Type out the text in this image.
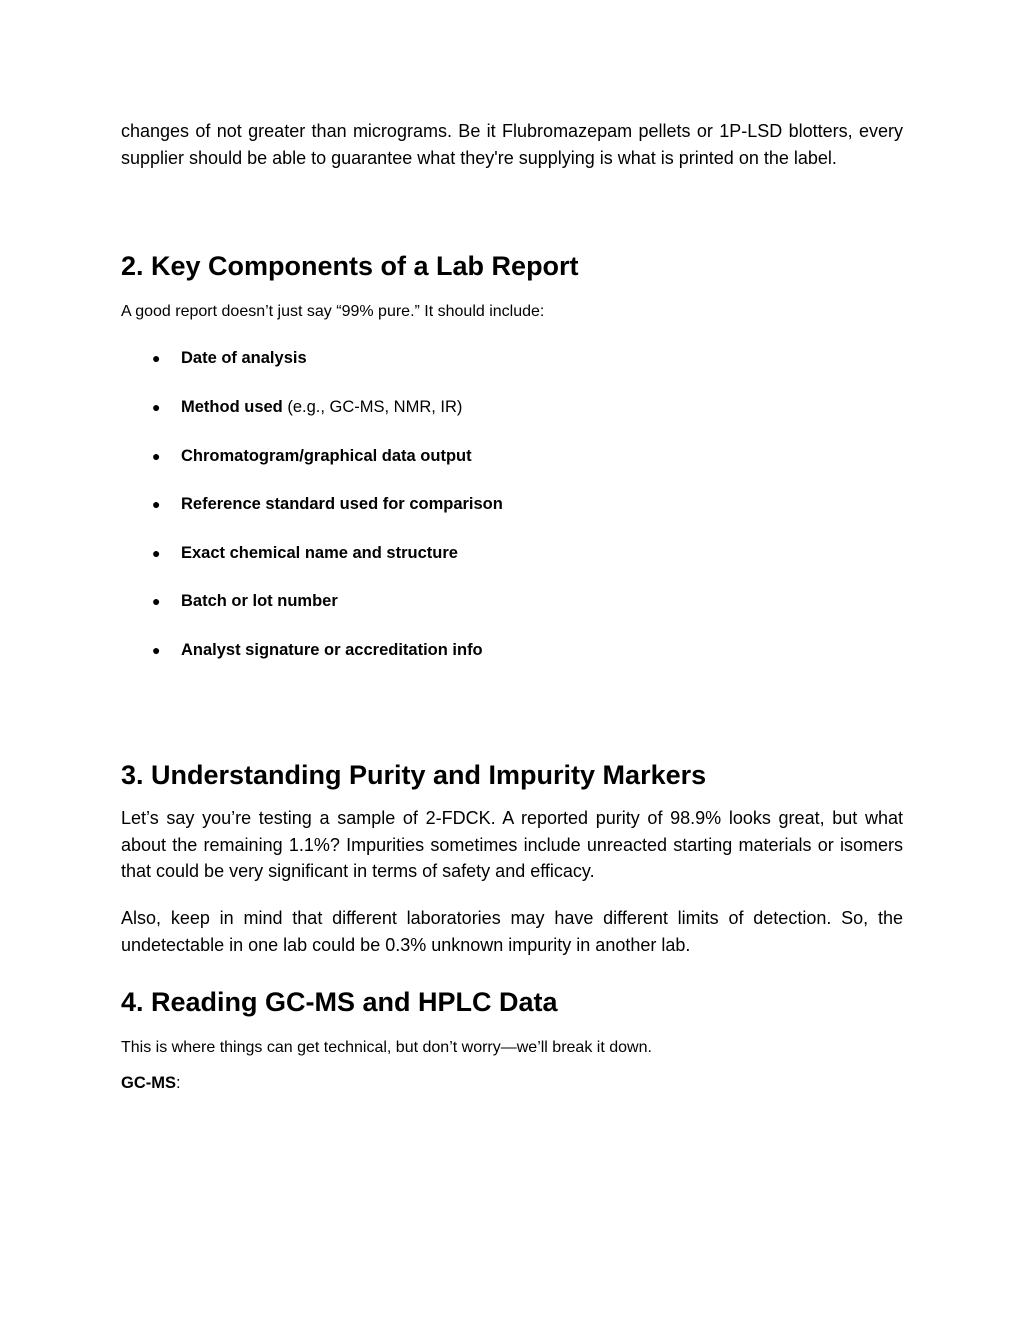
changes of not greater than micrograms. Be it Flubromazepam pellets or 1P-LSD blotters, every supplier should be able to guarantee what they're supplying is what is printed on the label.

2. Key Components of a Lab Report

A good report doesn’t just say “99% pure.” It should include:

● Date of analysis
● Method used (e.g., GC-MS, NMR, IR)
● Chromatogram/graphical data output
● Reference standard used for comparison
● Exact chemical name and structure
● Batch or lot number
● Analyst signature or accreditation info
3. Understanding Purity and Impurity Markers

Let’s say you’re testing a sample of 2-FDCK. A reported purity of 98.9% looks great, but what about the remaining 1.1%? Impurities sometimes include unreacted starting materials or isomers that could be very significant in terms of safety and efficacy.

Also, keep in mind that different laboratories may have different limits of detection. So, the undetectable in one lab could be 0.3% unknown impurity in another lab.

4. Reading GC-MS and HPLC Data

This is where things can get technical, but don’t worry—we’ll break it down.

GC-MS:
